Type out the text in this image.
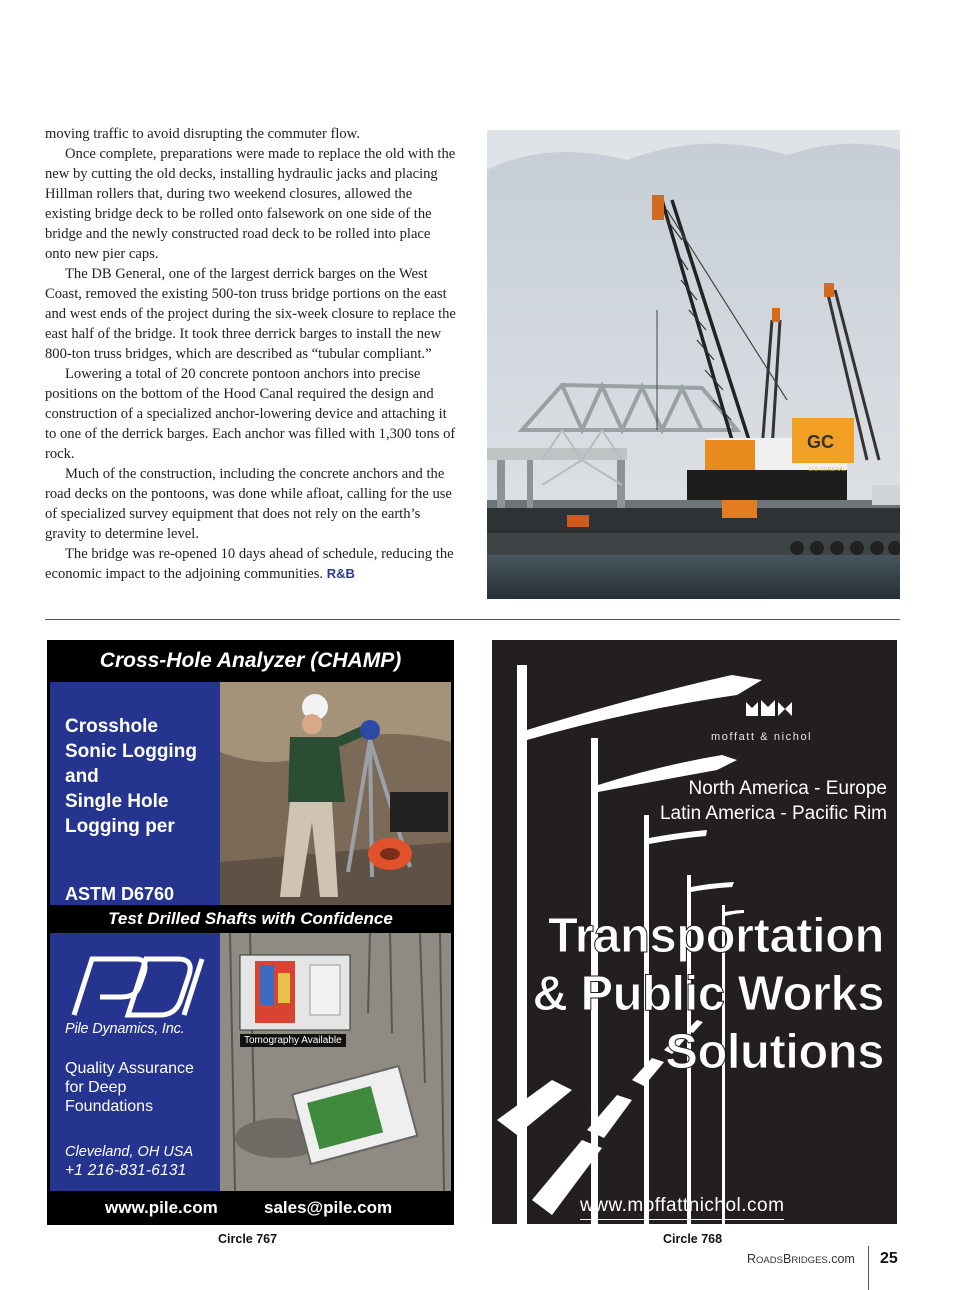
moving traffic to avoid disrupting the commuter flow.

Once complete, preparations were made to replace the old with the new by cutting the old decks, installing hydraulic jacks and placing Hillman rollers that, during two weekend closures, allowed the existing bridge deck to be rolled onto falsework on one side of the bridge and the newly constructed road deck to be rolled into place onto new pier caps.

The DB General, one of the largest derrick barges on the West Coast, removed the existing 500-ton truss bridge portions on the east and west ends of the project during the six-week closure to replace the east half of the bridge. It took three derrick barges to install the new 800-ton truss bridges, which are described as “tubular compliant.”

Lowering a total of 20 concrete pontoon anchors into precise positions on the bottom of the Hood Canal required the design and construction of a specialized anchor-lowering device and attaching it to one of the derrick barges. Each anchor was filled with 1,300 tons of rock.

Much of the construction, including the concrete anchors and the road decks on the pontoons, was done while afloat, calling for the use of specialized survey equipment that does not rely on the earth’s gravity to determine level.

The bridge was re-opened 10 days ahead of schedule, reducing the economic impact to the adjoining communities. R&B

GC
D.B.GENERAL
Cross-Hole Analyzer (CHAMP)
Crosshole
Sonic Logging
and
Single Hole
Logging per
ASTM D6760
Test Drilled Shafts with Confidence
Pile Dynamics, Inc.
Quality Assurance
for Deep
Foundations
Cleveland, OH USA
+1 216-831-6131
Tomography Available
www.pile.com	sales@pile.com
moffatt & nichol
North America - Europe
Latin America - Pacific Rim
Transportation
& Public Works
Solutions
www.moffattnichol.com
Circle 767	Circle 768
ROADSBRIDGES.com 25
